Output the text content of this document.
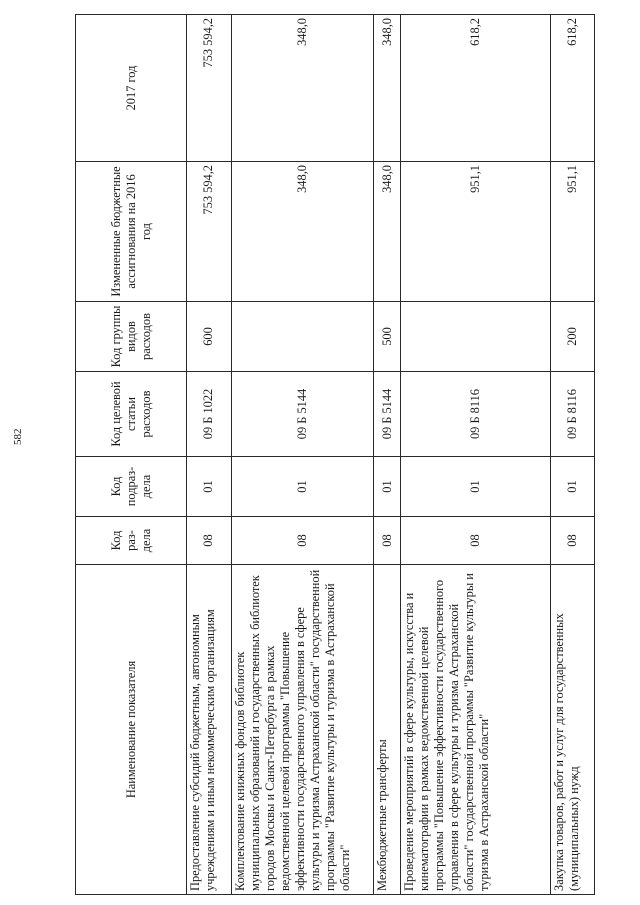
582
Наименование показателя	Код раз-дела	Код подраз-дела	Код целевой статьи расходов	Код группы видов расходов	Измененные бюджетные ассигнования на 2016 год	2017 год
Предоставление субсидий бюджетным, автономным учреждениям и иным некоммерческим организациям	08	01	09 Б 1022	600	753 594,2	753 594,2
Комплектование книжных фондов библиотек муниципальных образований и государственных библиотек городов Москвы и Санкт-Петербурга в рамках ведомственной целевой программы "Повышение эффективности государственного управления в сфере культуры и туризма Астраханской области" государственной программы "Развитие культуры и туризма в Астраханской области"	08	01	09 Б 5144		348,0	348,0
Межбюджетные трансферты	08	01	09 Б 5144	500	348,0	348,0
Проведение мероприятий в сфере культуры, искусства и кинематографии в рамках ведомственной целевой программы "Повышение эффективности государственного управления в сфере культуры и туризма Астраханской области" государственной программы "Развитие культуры и туризма в Астраханской области"	08	01	09 Б 8116		951,1	618,2
Закупка товаров, работ и услуг для государственных (муниципальных) нужд	08	01	09 Б 8116	200	951,1	618,2
